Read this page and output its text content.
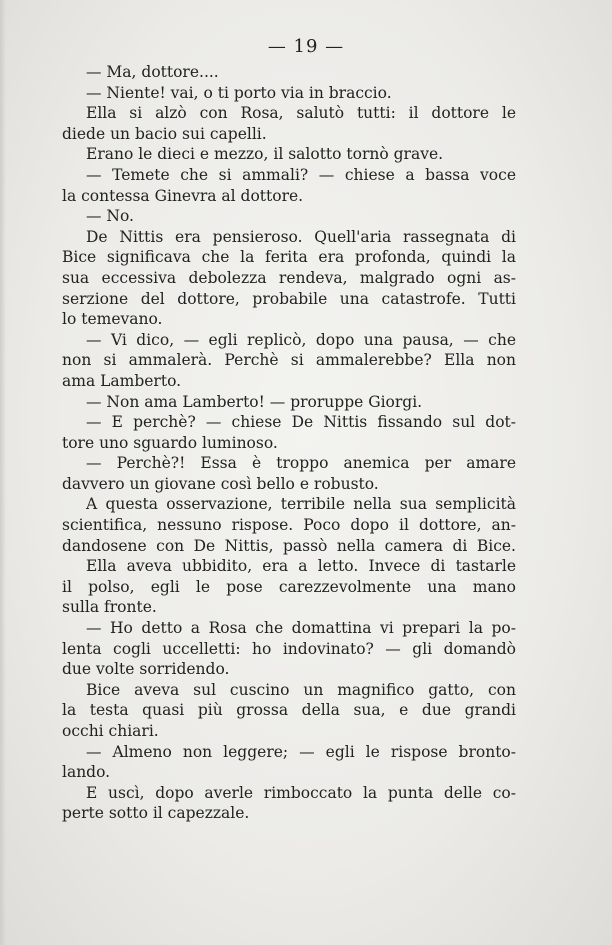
— 19 —
— Ma, dottore....
— Niente! vai, o ti porto via in braccio.
Ella si alzò con Rosa, salutò tutti: il dottore le
diede un bacio sui capelli.
Erano le dieci e mezzo, il salotto tornò grave.
— Temete che si ammali? — chiese a bassa voce
la contessa Ginevra al dottore.
— No.
De Nittis era pensieroso. Quell'aria rassegnata di
Bice significava che la ferita era profonda, quindi la
sua eccessiva debolezza rendeva, malgrado ogni as-
serzione del dottore, probabile una catastrofe. Tutti
lo temevano.
— Vi dico, — egli replicò, dopo una pausa, — che
non si ammalerà. Perchè si ammalerebbe? Ella non
ama Lamberto.
— Non ama Lamberto! — proruppe Giorgi.
— E perchè? — chiese De Nittis fissando sul dot-
tore uno sguardo luminoso.
— Perchè?! Essa è troppo anemica per amare
davvero un giovane così bello e robusto.
A questa osservazione, terribile nella sua semplicità
scientifica, nessuno rispose. Poco dopo il dottore, an-
dandosene con De Nittis, passò nella camera di Bice.
Ella aveva ubbidito, era a letto. Invece di tastarle
il polso, egli le pose carezzevolmente una mano
sulla fronte.
— Ho detto a Rosa che domattina vi prepari la po-
lenta cogli uccelletti: ho indovinato? — gli domandò
due volte sorridendo.
Bice aveva sul cuscino un magnifico gatto, con
la testa quasi più grossa della sua, e due grandi
occhi chiari.
— Almeno non leggere; — egli le rispose bronto-
lando.
E uscì, dopo averle rimboccato la punta delle co-
perte sotto il capezzale.
